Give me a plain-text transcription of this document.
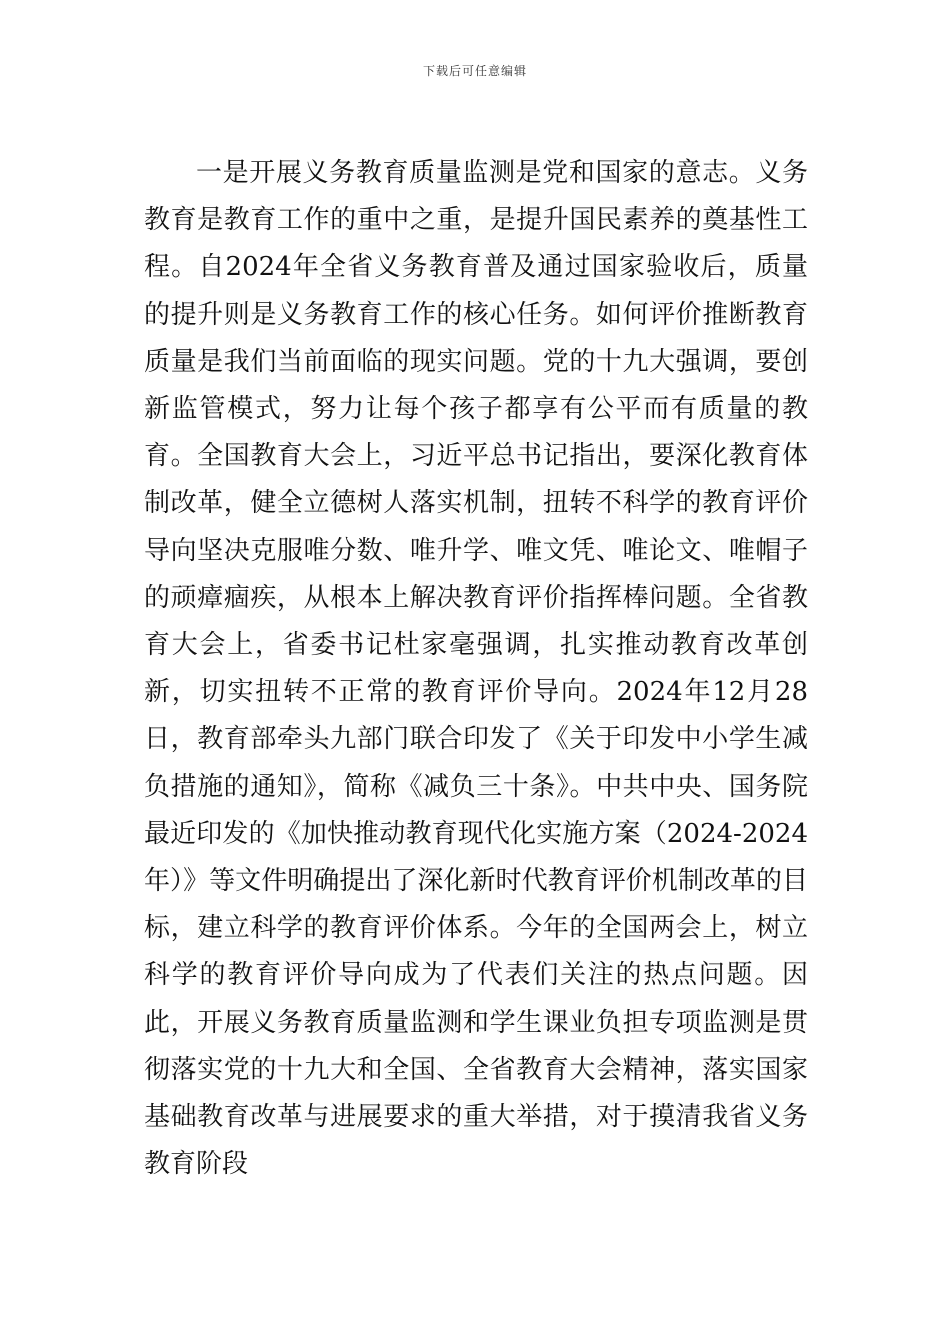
下载后可任意编辑

一是开展义务教育质量监测是党和国家的意志。义务教育是教育工作的重中之重，是提升国民素养的奠基性工程。自2024年全省义务教育普及通过国家验收后，质量的提升则是义务教育工作的核心任务。如何评价推断教育质量是我们当前面临的现实问题。党的十九大强调，要创新监管模式，努力让每个孩子都享有公平而有质量的教育。全国教育大会上，习近平总书记指出，要深化教育体制改革，健全立德树人落实机制，扭转不科学的教育评价导向坚决克服唯分数、唯升学、唯文凭、唯论文、唯帽子的顽瘴痼疾，从根本上解决教育评价指挥棒问题。全省教育大会上，省委书记杜家毫强调，扎实推动教育改革创新，切实扭转不正常的教育评价导向。2024年12月28日，教育部牵头九部门联合印发了《关于印发中小学生减负措施的通知》，简称《减负三十条》。中共中央、国务院最近印发的《加快推动教育现代化实施方案（2024-2024年）》等文件明确提出了深化新时代教育评价机制改革的目标，建立科学的教育评价体系。今年的全国两会上，树立科学的教育评价导向成为了代表们关注的热点问题。因此，开展义务教育质量监测和学生课业负担专项监测是贯彻落实党的十九大和全国、全省教育大会精神，落实国家基础教育改革与进展要求的重大举措，对于摸清我省义务教育阶段
